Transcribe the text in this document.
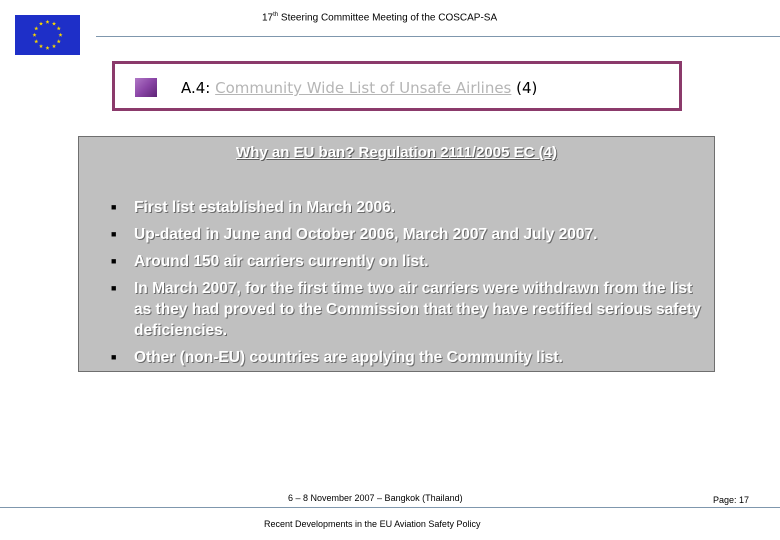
17th Steering Committee Meeting of the COSCAP-SA
A.4: Community Wide List of Unsafe Airlines (4)
Why an EU ban? Regulation 2111/2005 EC (4)
■ First list established in March 2006.
■ Up-dated in June and October 2006, March 2007 and July 2007.
■ Around 150 air carriers currently on list.
■ In March 2007, for the first time two air carriers were withdrawn from the list as they had proved to the Commission that they have rectified serious safety deficiencies.
■ Other (non-EU) countries are applying the Community list.
6 – 8 November 2007 – Bangkok (Thailand)	Page: 17
Recent Developments in the EU Aviation Safety Policy
